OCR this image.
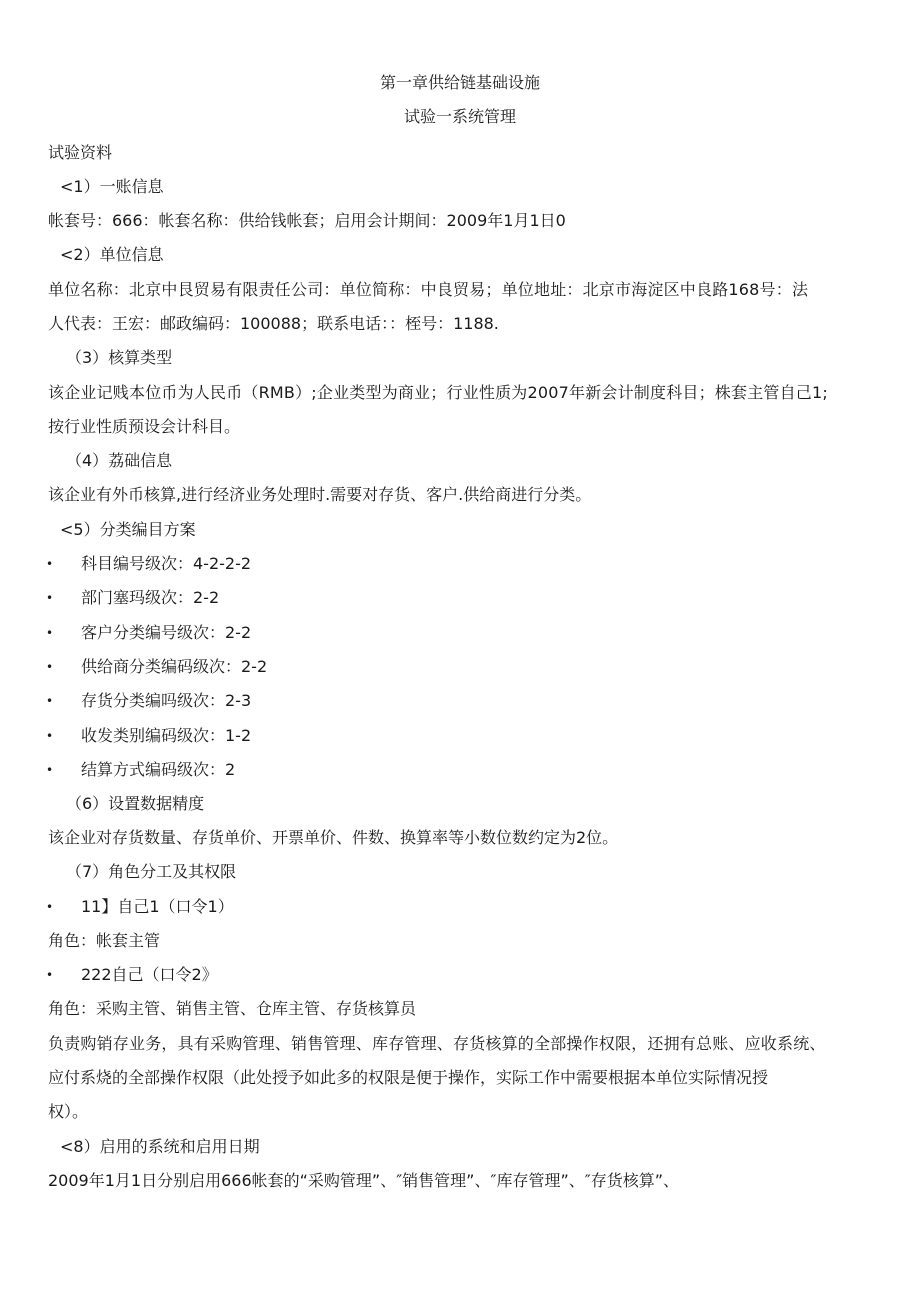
第一章供给链基础设施
试验一系统管理
试验资料
<1）一账信息
帐套号：666：帐套名称：供给钱帐套；启用会计期间：2009年1月1日0
<2）单位信息
单位名称：北京中艮贸易有限责任公司：单位简称：中良贸易；单位地址：北京市海淀区中良路168号：法
人代表：王宏：邮政编码：100088；联系电话：：桎号：1188.
（3）核算类型
该企业记贱本位币为人民币（RMB）;企业类型为商业；行业性质为2007年新会计制度科目；株套主管自己1;
按行业性质预设会计科目。
（4）荔础信息
该企业有外币核算,进行经济业务处理时.需要对存货、客户.供给商进行分类。
<5）分类编目方案
• 科目编号级次：4-2-2-2
• 部门塞玛级次：2-2
• 客户分类编号级次：2-2
• 供给商分类编码级次：2-2
• 存货分类编吗级次：2-3
• 收发类别编码级次：1-2
• 结算方式编码级次：2
（6）设置数据精度
该企业对存货数量、存货单价、开票单价、件数、换算率等小数位数约定为2位。
（7）角色分工及其权限
• 11】自己1（口令1）
角色：帐套主管
• 222自己（口令2》
角色：采购主管、销售主管、仓库主管、存货核算员
负责购销存业务，具有采购管理、销售管理、库存管理、存货核算的全部操作权限，还拥有总账、应收系统、
应付系烧的全部操作权限（此处授予如此多的权限是便于操作，实际工作中需要根据本单位实际情况授
权）。
<8）启用的系统和启用日期
2009年1月1日分别启用666帐套的“采购管理”、″销售管理”、″库存管理”、″存货核算”、
